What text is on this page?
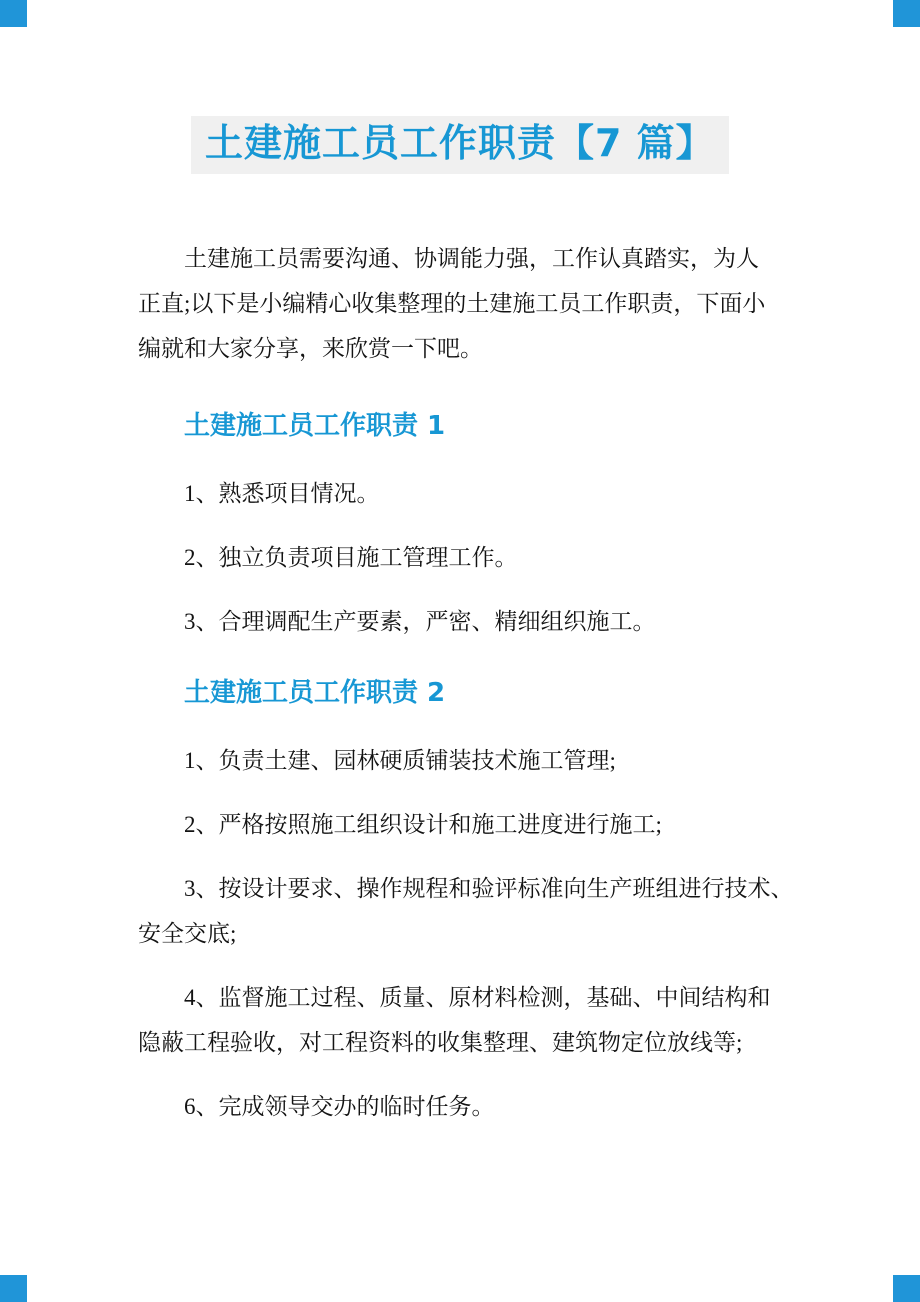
土建施工员工作职责【7 篇】

土建施工员需要沟通、协调能力强，工作认真踏实，为人
正直;以下是小编精心收集整理的土建施工员工作职责，下面小
编就和大家分享，来欣赏一下吧。

土建施工员工作职责 1

1、熟悉项目情况。

2、独立负责项目施工管理工作。

3、合理调配生产要素，严密、精细组织施工。

土建施工员工作职责 2

1、负责土建、园林硬质铺装技术施工管理;

2、严格按照施工组织设计和施工进度进行施工;

3、按设计要求、操作规程和验评标准向生产班组进行技术、
安全交底;

4、监督施工过程、质量、原材料检测，基础、中间结构和
隐蔽工程验收，对工程资料的收集整理、建筑物定位放线等;

6、完成领导交办的临时任务。
